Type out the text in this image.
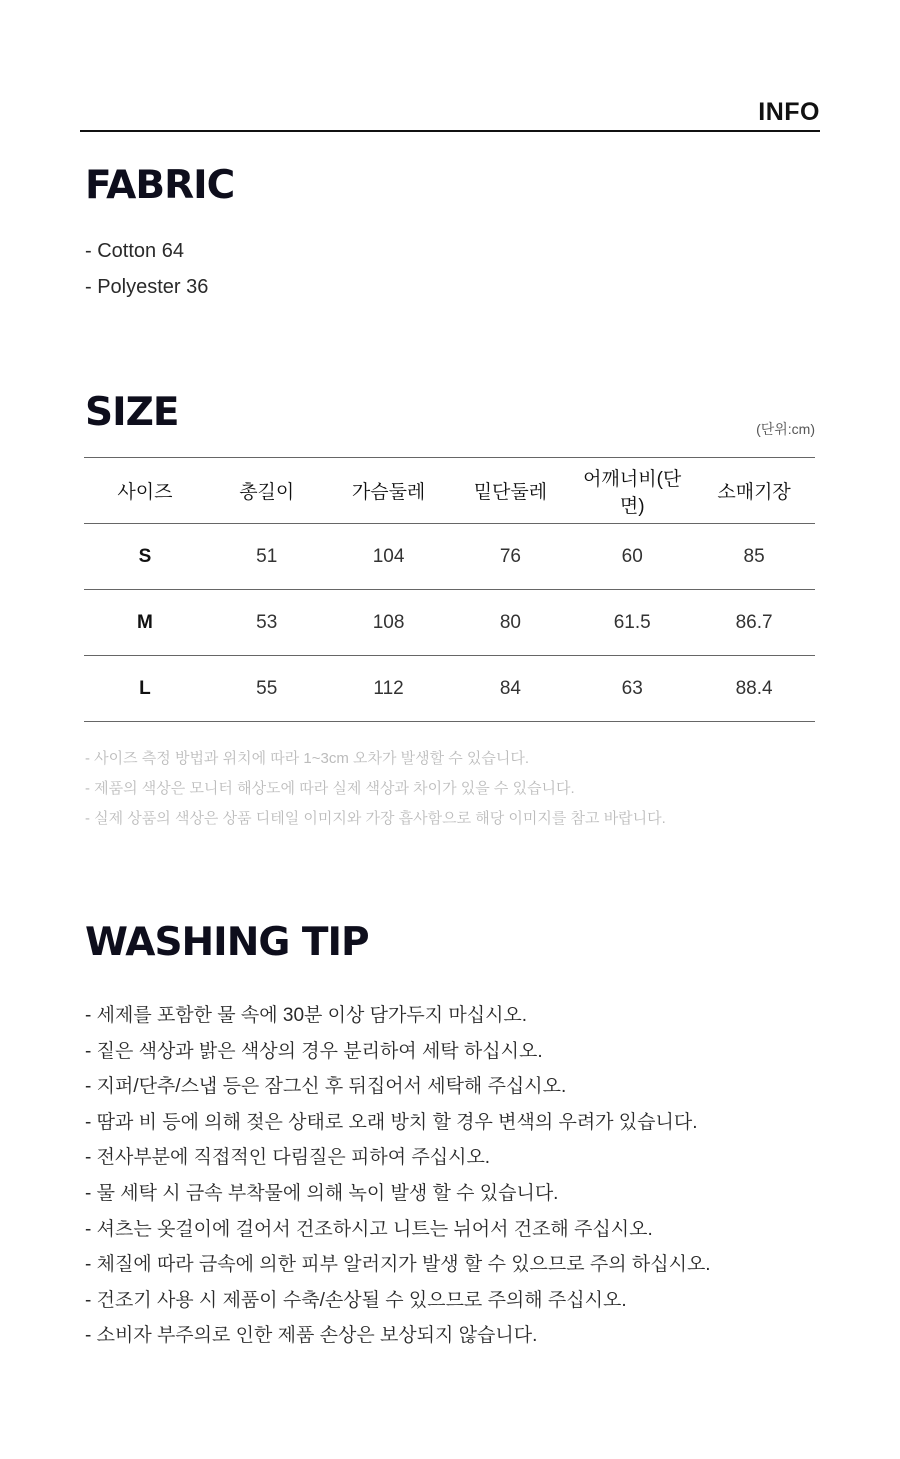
INFO
FABRIC
- Cotton 64
- Polyester 36
SIZE	(단위:cm)
사이즈	총길이	가슴둘레	밑단둘레	어깨너비(단면)	소매기장
S	51	104	76	60	85
M	53	108	80	61.5	86.7
L	55	112	84	63	88.4
- 사이즈 측정 방법과 위치에 따라 1~3cm 오차가 발생할 수 있습니다.
- 제품의 색상은 모니터 해상도에 따라 실제 색상과 차이가 있을 수 있습니다.
- 실제 상품의 색상은 상품 디테일 이미지와 가장 흡사함으로 해당 이미지를 참고 바랍니다.
WASHING TIP
- 세제를 포함한 물 속에 30분 이상 담가두지 마십시오.
- 짙은 색상과 밝은 색상의 경우 분리하여 세탁 하십시오.
- 지퍼/단추/스냅 등은 잠그신 후 뒤집어서 세탁해 주십시오.
- 땀과 비 등에 의해 젖은 상태로 오래 방치 할 경우 변색의 우려가 있습니다.
- 전사부분에 직접적인 다림질은 피하여 주십시오.
- 물 세탁 시 금속 부착물에 의해 녹이 발생 할 수 있습니다.
- 셔츠는 옷걸이에 걸어서 건조하시고 니트는 뉘어서 건조해 주십시오.
- 체질에 따라 금속에 의한 피부 알러지가 발생 할 수 있으므로 주의 하십시오.
- 건조기 사용 시 제품이 수축/손상될 수 있으므로 주의해 주십시오.
- 소비자 부주의로 인한 제품 손상은 보상되지 않습니다.
